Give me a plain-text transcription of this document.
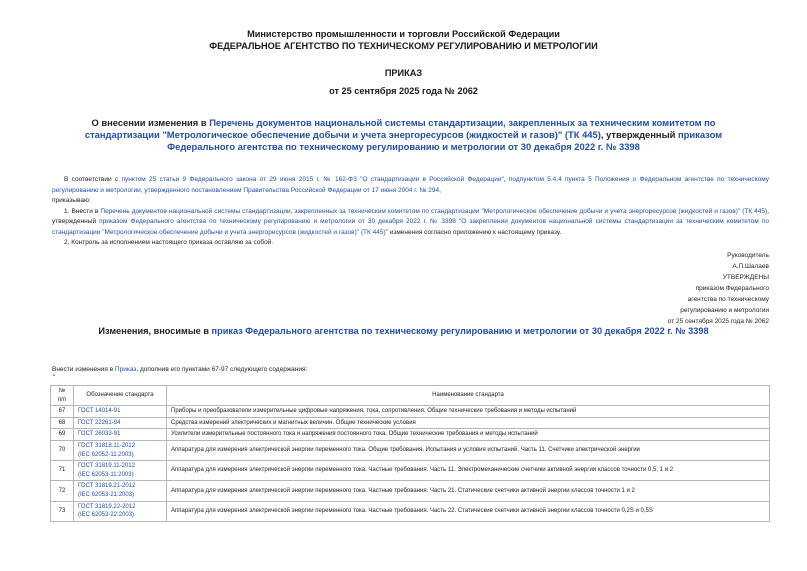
Министерство промышленности и торговли Российской Федерации
ФЕДЕРАЛЬНОЕ АГЕНТСТВО ПО ТЕХНИЧЕСКОМУ РЕГУЛИРОВАНИЮ И МЕТРОЛОГИИ
ПРИКАЗ
от 25 сентября 2025 года № 2062
О внесении изменения в Перечень документов национальной системы стандартизации, закрепленных за техническим комитетом по стандартизации "Метрологическое обеспечение добычи и учета энергоресурсов (жидкостей и газов)" (ТК 445), утвержденный приказом Федерального агентства по техническому регулированию и метрологии от 30 декабря 2022 г. № 3398

В соответствии с пунктом 25 статьи 9 Федерального закона от 29 июня 2015 г. № 162-ФЗ "О стандартизации в Российской Федерации", подпунктом 5.4.4 пункта 5 Положения о Федеральном агентстве по техническому регулированию и метрологии, утвержденного постановлением Правительства Российской Федерации от 17 июня 2004 г. № 294,

приказываю:

1. Внести в Перечень документов национальной системы стандартизации, закрепленных за техническим комитетом по стандартизации "Метрологическое обеспечение добычи и учета энергоресурсов (жидкостей и газов)" (ТК 445), утвержденный приказом Федерального агентства по техническому регулированию и метрологии от 30 декабря 2022 г. № 3398 "О закреплении документов национальной системы стандартизации за техническим комитетом по стандартизации "Метрологическое обеспечение добычи и учета энергоресурсов (жидкостей и газов)" (ТК 445)" изменения согласно приложению к настоящему приказу.

2. Контроль за исполнением настоящего приказа оставляю за собой.

Руководитель
А.П.Шалаев
УТВЕРЖДЕНЫ
приказом Федерального
агентства по техническому
регулированию и метрологии
от 25 сентября 2025 года № 2062
Изменения, вносимые в приказ Федерального агентства по техническому регулированию и метрологии от 30 декабря 2022 г. № 3398
Внести изменения в Приказ, дополнив его пунктами 67-97 следующего содержания:
"
№
п/п	Обозначение стандарта	Наименование стандарта
67	ГОСТ 14014-91	Приборы и преобразователи измерительные цифровые напряжения, тока, сопротивления. Общие технические требования и методы испытаний
68	ГОСТ 22261-94	Средства измерений электрических и магнитных величин. Общие технические условия
69	ГОСТ 26033-91	Усилители измерительные постоянного тока и напряжения постоянного тока. Общие технические требования и методы испытаний
70	ГОСТ 31818.11-2012
(IEC 62052-11:2003)	Аппаратура для измерения электрической энергии переменного тока. Общие требования. Испытания и условия испытаний. Часть 11. Счетчики электрической энергии
71	ГОСТ 31819.11-2012
(IEC 62053-11:2003)	Аппаратура для измерения электрической энергии переменного тока. Частные требования. Часть 11. Электромеханические счетчики активной энергии классов точности 0,5; 1 и 2
72	ГОСТ 31819.21-2012
(IEC 62053-21:2003)	Аппаратура для измерения электрической энергии переменного тока. Частные требования. Часть 21. Статические счетчики активной энергии классов точности 1 и 2
73	ГОСТ 31819.22-2012
(IEC 62053-22:2003)	Аппаратура для измерения электрической энергии переменного тока. Частные требования. Часть 22. Статические счетчики активной энергии классов точности 0,2S и 0,5S
